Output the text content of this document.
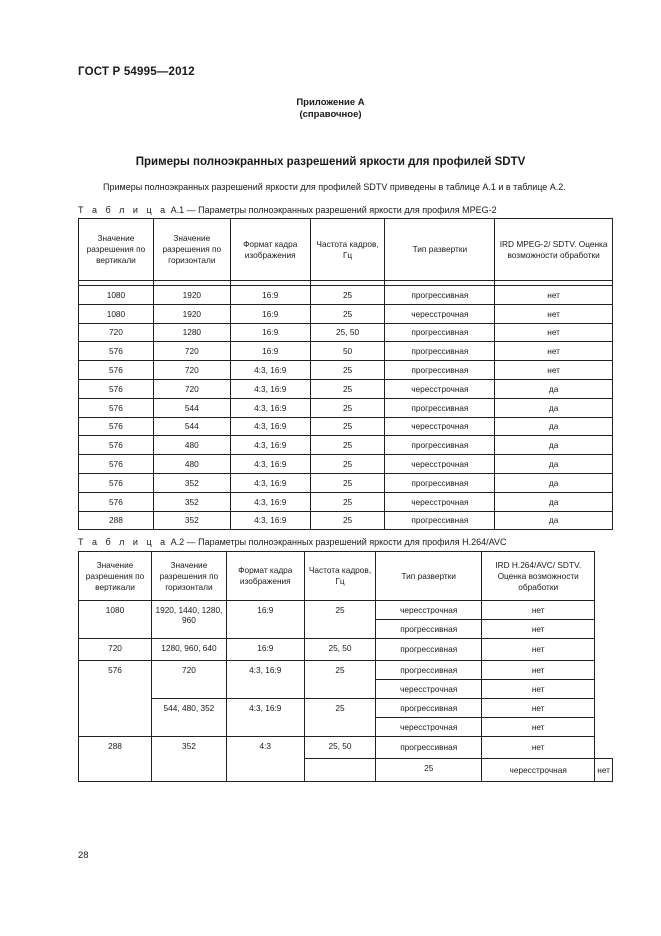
ГОСТ Р 54995—2012
Приложение А
(справочное)
Примеры полноэкранных разрешений яркости для профилей SDTV
Примеры полноэкранных разрешений яркости для профилей SDTV приведены в таблице А.1 и в таблице А.2.
Т а б л и ц а А.1 — Параметры полноэкранных разрешений яркости для профиля MPEG-2
Значение разрешения по вертикали	Значение разрешения по горизонтали	Формат кадра изображения	Частота кадров, Гц	Тип развертки	IRD MPEG-2/ SDTV. Оценка возможности обработки

1080	1920	16:9	25	прогрессивная	нет
1080	1920	16:9	25	чересстрочная	нет
720	1280	16:9	25, 50	прогрессивная	нет
576	720	16:9	50	прогрессивная	нет
576	720	4:3, 16:9	25	прогрессивная	нет
576	720	4:3, 16:9	25	чересстрочная	да
576	544	4:3, 16:9	25	прогрессивная	да
576	544	4:3, 16:9	25	чересстрочная	да
576	480	4:3, 16:9	25	прогрессивная	да
576	480	4:3, 16:9	25	чересстрочная	да
576	352	4:3, 16:9	25	прогрессивная	да
576	352	4:3, 16:9	25	чересстрочная	да
288	352	4:3, 16:9	25	прогрессивная	да
Т а б л и ц а А.2 — Параметры полноэкранных разрешений яркости для профиля H.264/AVC
Значение разрешения по вертикали	Значение разрешения по горизонтали	Формат кадра изображения	Частота кадров, Гц	Тип развертки	IRD H.264/AVC/ SDTV. Оценка возможности обработки	
1080	1920, 1440, 1280, 960	16:9	25	чересстрочная	нет	
				прогрессивная	нет	
720	1280, 960, 640	16:9	25, 50	прогрессивная	нет	
576	720	4:3, 16:9	25	прогрессивная	нет	
				чересстрочная	нет	
	544, 480, 352	4:3, 16:9	25	прогрессивная	нет	
				чересстрочная	нет	
288	352	4:3	25, 50	прогрессивная	нет	
				25	чересстрочная	нет
28
